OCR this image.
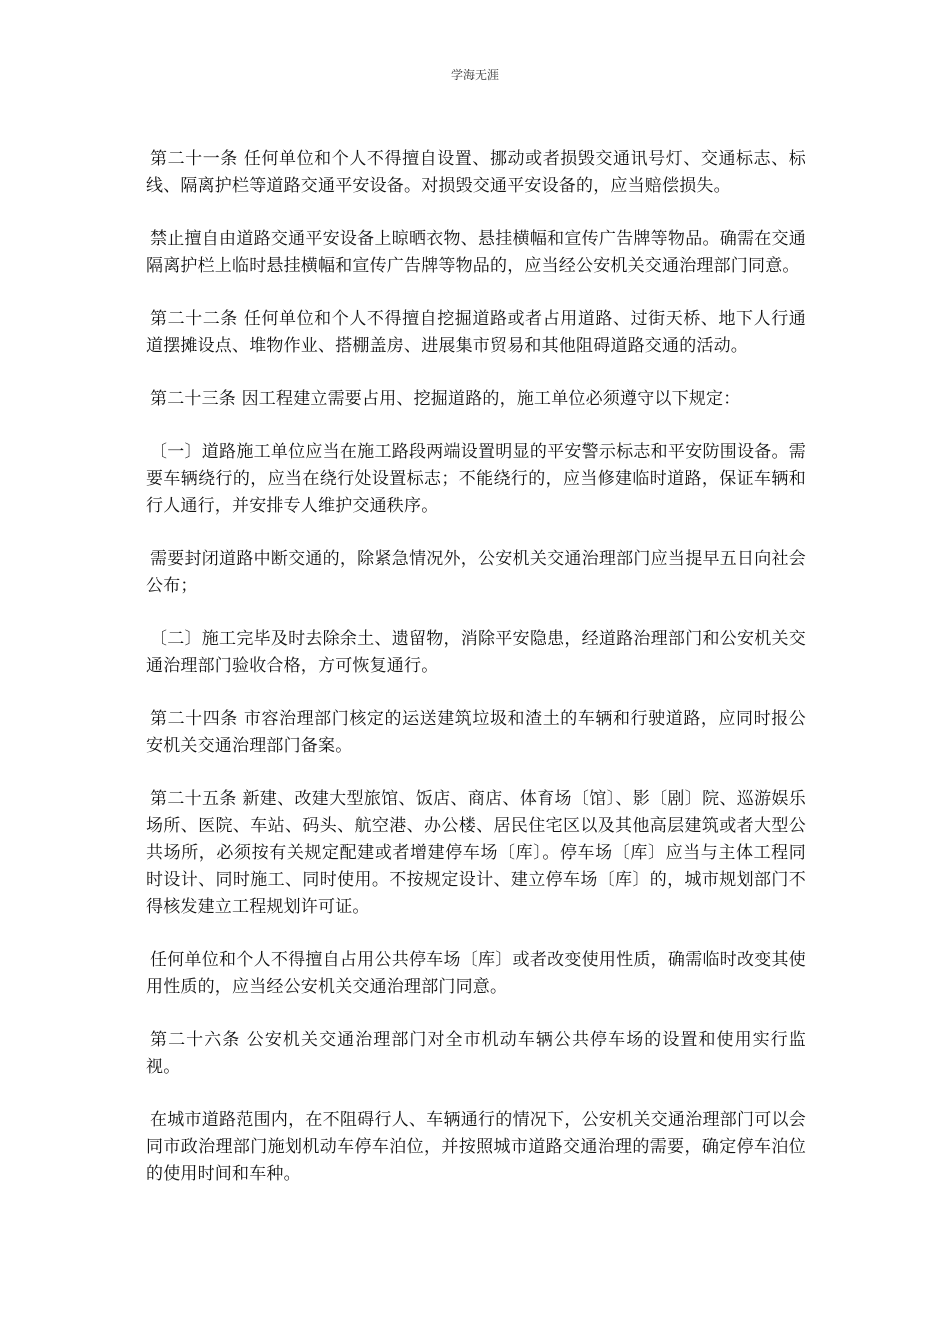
学海无涯

第二十一条 任何单位和个人不得擅自设置、挪动或者损毁交通讯号灯、交通标志、标线、隔离护栏等道路交通平安设备。对损毁交通平安设备的，应当赔偿损失。

禁止擅自由道路交通平安设备上晾晒衣物、悬挂横幅和宣传广告牌等物品。确需在交通隔离护栏上临时悬挂横幅和宣传广告牌等物品的，应当经公安机关交通治理部门同意。

第二十二条 任何单位和个人不得擅自挖掘道路或者占用道路、过街天桥、地下人行通道摆摊设点、堆物作业、搭棚盖房、进展集市贸易和其他阻碍道路交通的活动。

第二十三条 因工程建立需要占用、挖掘道路的，施工单位必须遵守以下规定：

〔一〕道路施工单位应当在施工路段两端设置明显的平安警示标志和平安防围设备。需要车辆绕行的，应当在绕行处设置标志；不能绕行的，应当修建临时道路，保证车辆和行人通行，并安排专人维护交通秩序。

需要封闭道路中断交通的，除紧急情况外，公安机关交通治理部门应当提早五日向社会公布；

〔二〕施工完毕及时去除余土、遗留物，消除平安隐患，经道路治理部门和公安机关交通治理部门验收合格，方可恢复通行。

第二十四条 市容治理部门核定的运送建筑垃圾和渣土的车辆和行驶道路，应同时报公安机关交通治理部门备案。

第二十五条 新建、改建大型旅馆、饭店、商店、体育场〔馆〕、影〔剧〕院、巡游娱乐场所、医院、车站、码头、航空港、办公楼、居民住宅区以及其他高层建筑或者大型公共场所，必须按有关规定配建或者增建停车场〔库〕。停车场〔库〕应当与主体工程同时设计、同时施工、同时使用。不按规定设计、建立停车场〔库〕的，城市规划部门不得核发建立工程规划许可证。

任何单位和个人不得擅自占用公共停车场〔库〕或者改变使用性质，确需临时改变其使用性质的，应当经公安机关交通治理部门同意。

第二十六条 公安机关交通治理部门对全市机动车辆公共停车场的设置和使用实行监视。

在城市道路范围内，在不阻碍行人、车辆通行的情况下，公安机关交通治理部门可以会同市政治理部门施划机动车停车泊位，并按照城市道路交通治理的需要，确定停车泊位的使用时间和车种。
